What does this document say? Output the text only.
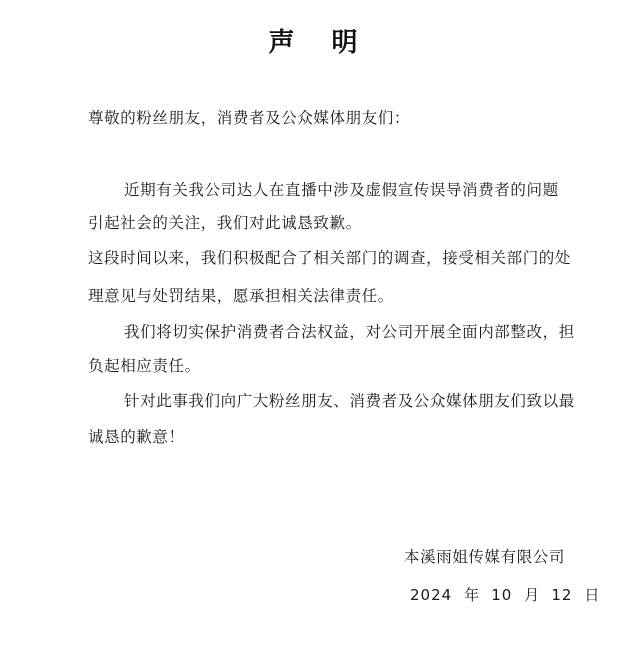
声 明

尊敬的粉丝朋友，消费者及公众媒体朋友们：

近期有关我公司达人在直播中涉及虚假宣传误导消费者的问题

引起社会的关注，我们对此诚恳致歉。

这段时间以来，我们积极配合了相关部门的调查，接受相关部门的处

理意见与处罚结果，愿承担相关法律责任。

我们将切实保护消费者合法权益，对公司开展全面内部整改，担

负起相应责任。

针对此事我们向广大粉丝朋友、消费者及公众媒体朋友们致以最

诚恳的歉意！

本溪雨姐传媒有限公司

2024 年 10 月 12 日
